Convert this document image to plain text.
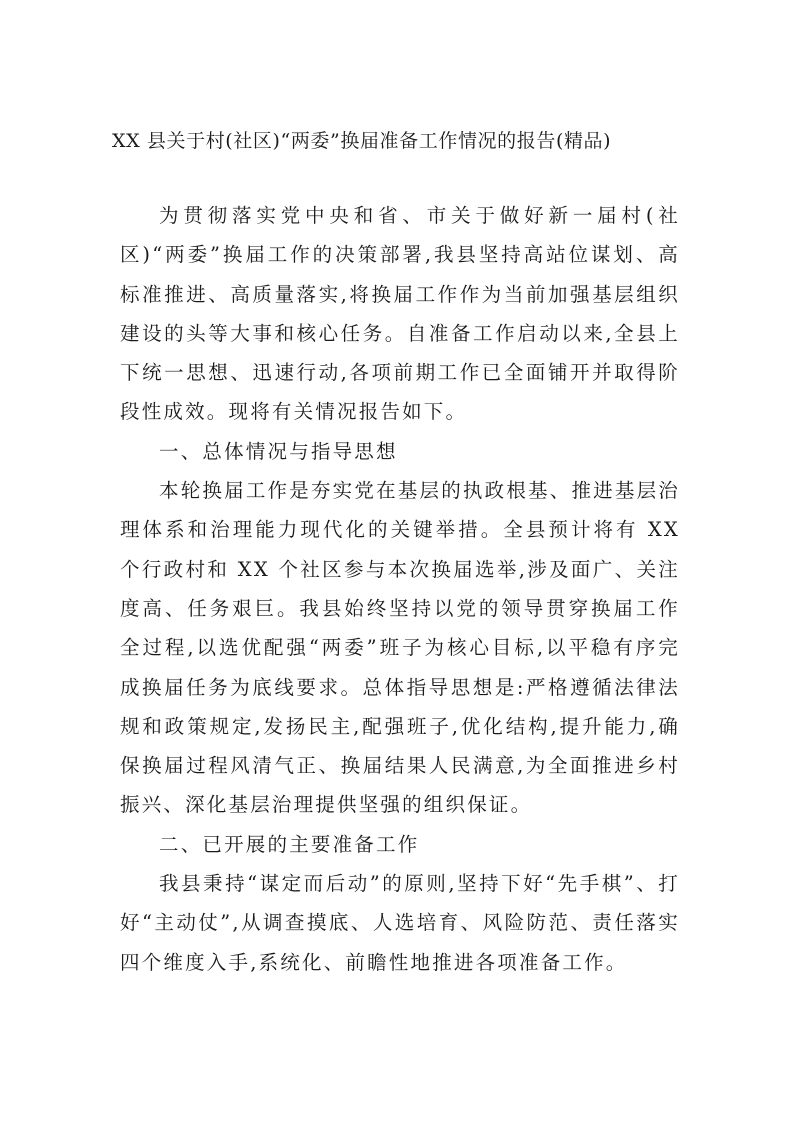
XX 县关于村(社区)“两委”换届准备工作情况的报告(精品)

为贯彻落实党中央和省、市关于做好新一届村(社区)“两委”换届工作的决策部署,我县坚持高站位谋划、高标准推进、高质量落实,将换届工作作为当前加强基层组织建设的头等大事和核心任务。自准备工作启动以来,全县上下统一思想、迅速行动,各项前期工作已全面铺开并取得阶段性成效。现将有关情况报告如下。

一、总体情况与指导思想

本轮换届工作是夯实党在基层的执政根基、推进基层治理体系和治理能力现代化的关键举措。全县预计将有 XX 个行政村和 XX 个社区参与本次换届选举,涉及面广、关注度高、任务艰巨。我县始终坚持以党的领导贯穿换届工作全过程,以选优配强“两委”班子为核心目标,以平稳有序完成换届任务为底线要求。总体指导思想是:严格遵循法律法规和政策规定,发扬民主,配强班子,优化结构,提升能力,确保换届过程风清气正、换届结果人民满意,为全面推进乡村振兴、深化基层治理提供坚强的组织保证。

二、已开展的主要准备工作

我县秉持“谋定而后动”的原则,坚持下好“先手棋”、打好“主动仗”,从调查摸底、人选培育、风险防范、责任落实四个维度入手,系统化、前瞻性地推进各项准备工作。
